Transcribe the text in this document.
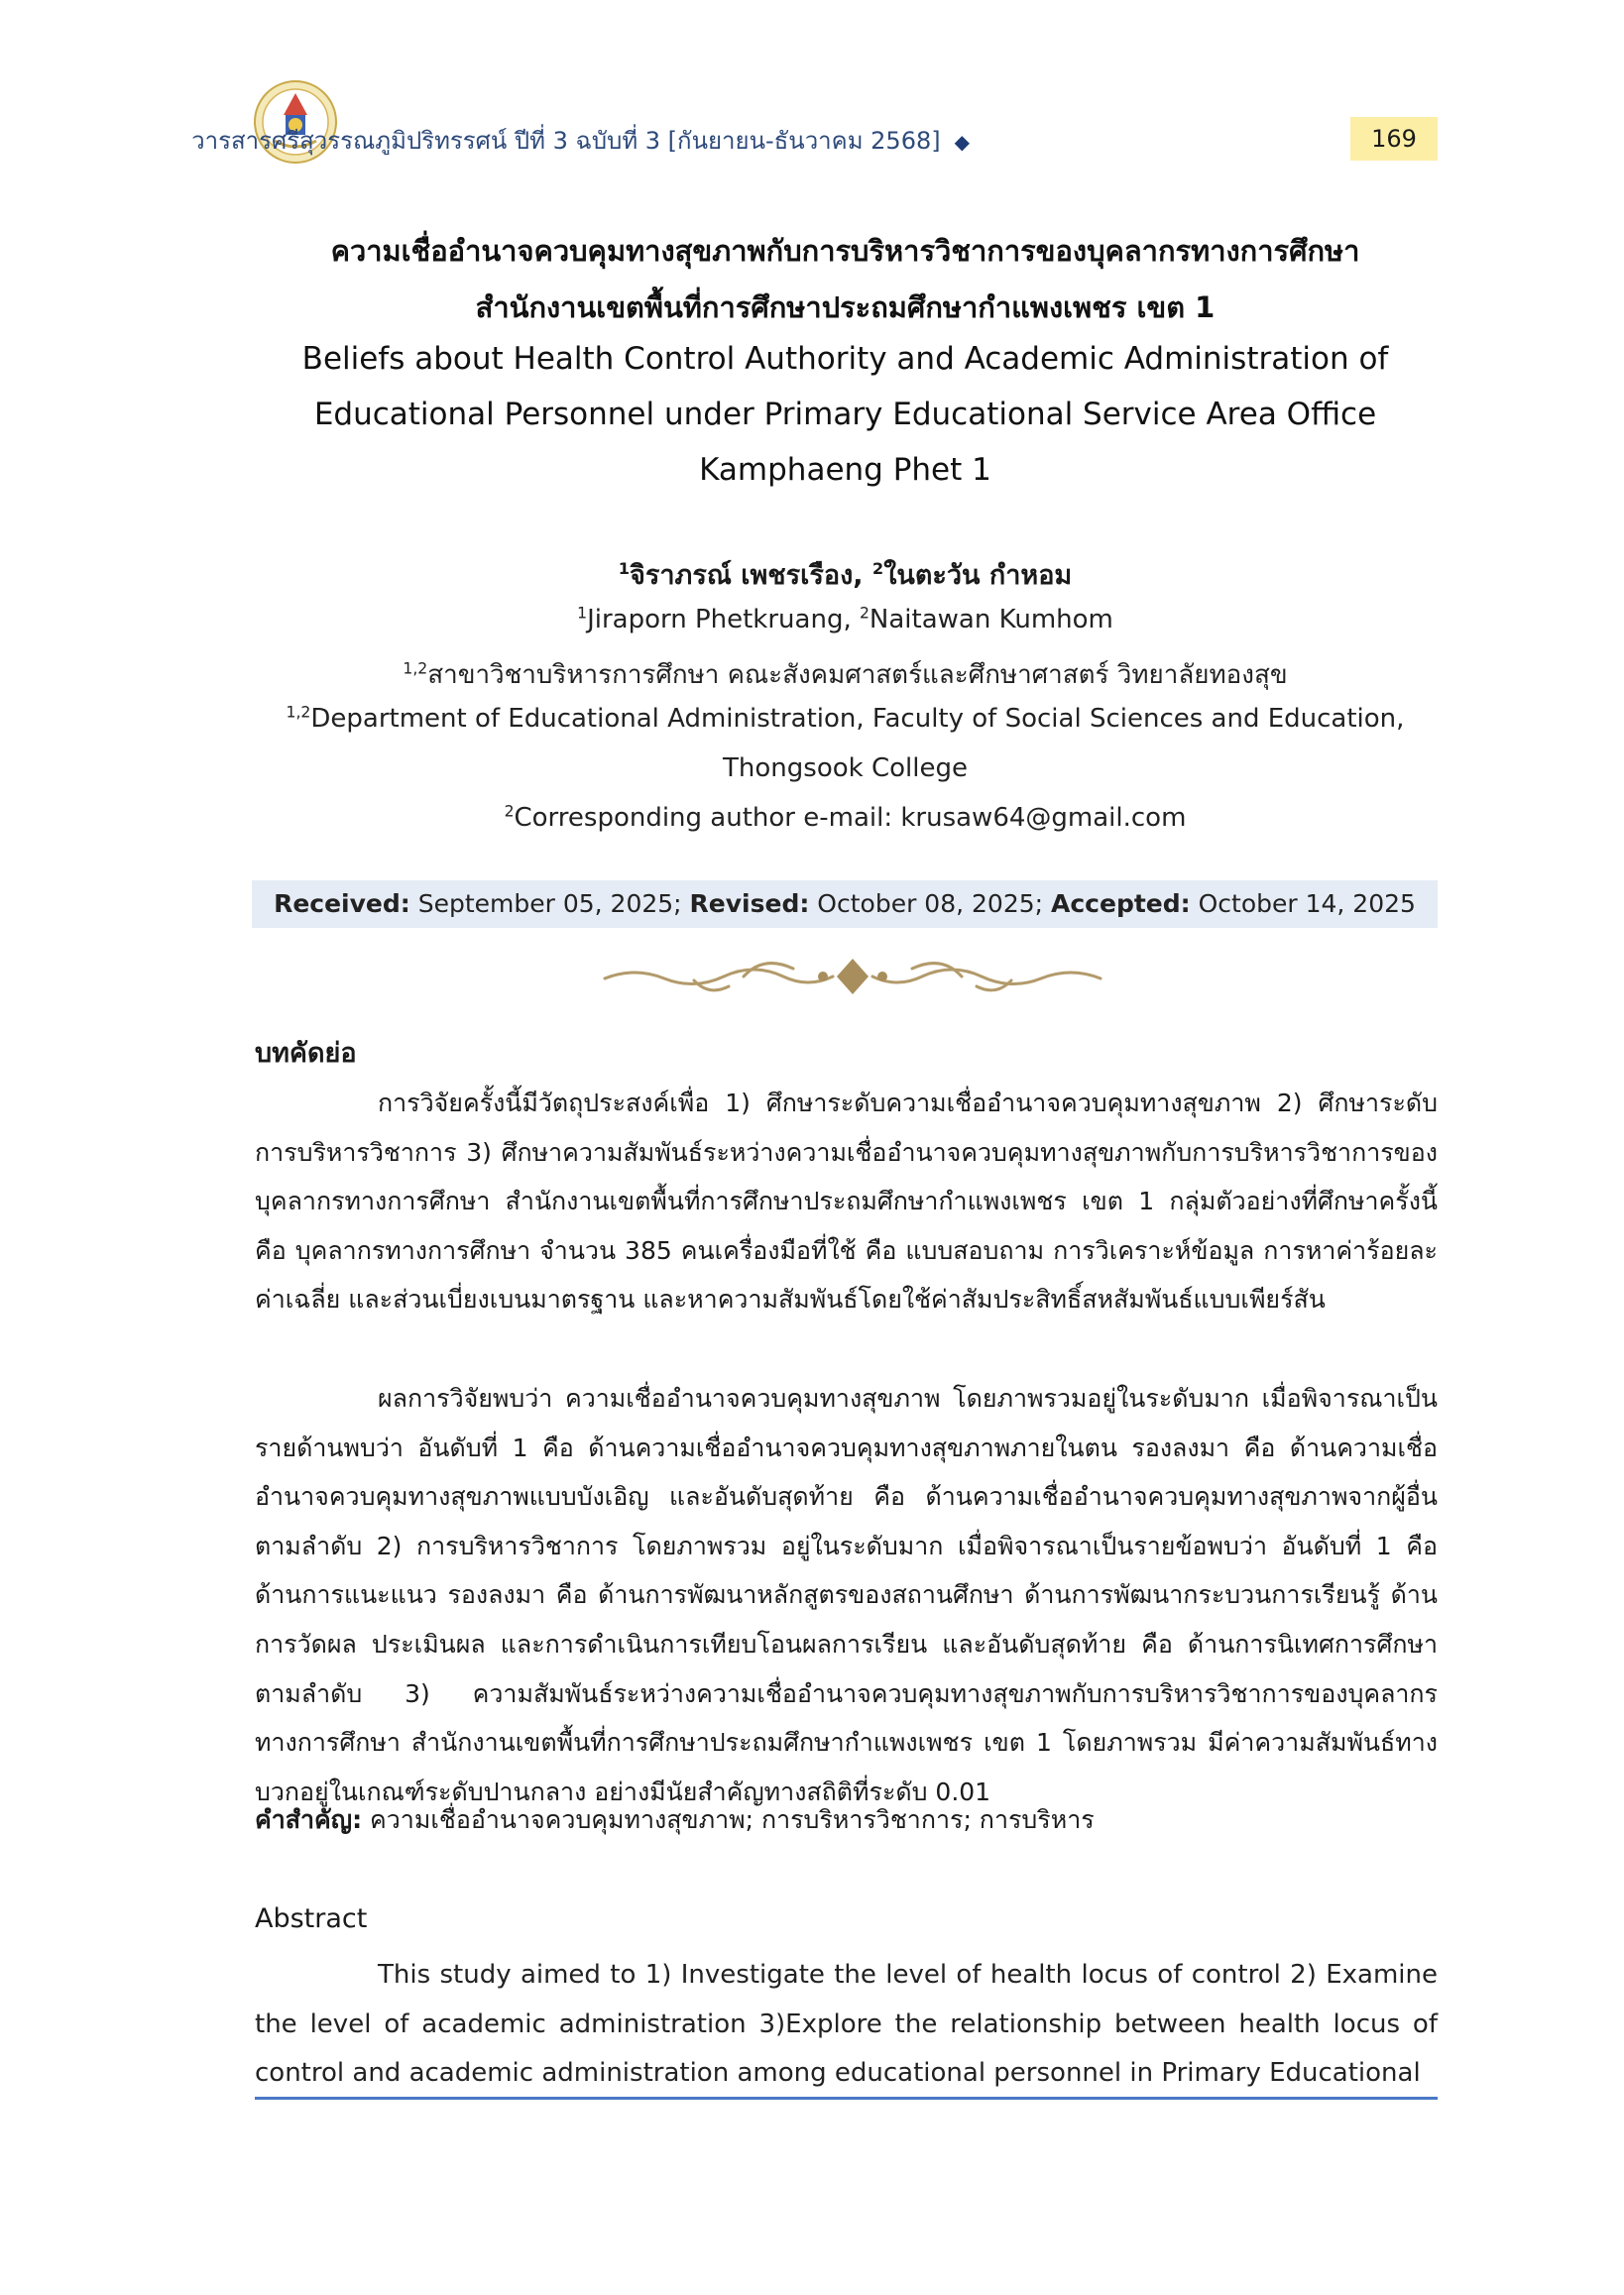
วารสารศรีสุวรรณภูมิปริทรรศน์ ปีที่ 3 ฉบับที่ 3 [กันยายน-ธันวาคม 2568] ◆	169
ความเชื่ออำนาจควบคุมทางสุขภาพกับการบริหารวิชาการของบุคลากรทางการศึกษา
สำนักงานเขตพื้นที่การศึกษาประถมศึกษากำแพงเพชร เขต 1
Beliefs about Health Control Authority and Academic Administration of
Educational Personnel under Primary Educational Service Area Office
Kamphaeng Phet 1
$^1$จิราภรณ์ เพชรเรือง, $^2$ในตะวัน กำหอม
$^1$Jiraporn Phetkruang, $^2$Naitawan Kumhom
$^{1,2}$สาขาวิชาบริหารการศึกษา คณะสังคมศาสตร์และศึกษาศาสตร์ วิทยาลัยทองสุข
$^{1,2}$Department of Educational Administration, Faculty of Social Sciences and Education,
Thongsook College
$^2$Corresponding author e-mail: krusaw64@gmail.com
Received: September 05, 2025; Revised: October 08, 2025; Accepted: October 14, 2025
บทคัดย่อ
การวิจัยครั้งนี้มีวัตถุประสงค์เพื่อ 1) ศึกษาระดับความเชื่ออำนาจควบคุมทางสุขภาพ 2) ศึกษาระดับการบริหารวิชาการ 3) ศึกษาความสัมพันธ์ระหว่างความเชื่ออำนาจควบคุมทางสุขภาพกับการบริหารวิชาการของบุคลากรทางการศึกษา สำนักงานเขตพื้นที่การศึกษาประถมศึกษากำแพงเพชร เขต 1 กลุ่มตัวอย่างที่ศึกษาครั้งนี้ คือ บุคลากรทางการศึกษา จำนวน 385 คนเครื่องมือที่ใช้ คือ แบบสอบถาม การวิเคราะห์ข้อมูล การหาค่าร้อยละ ค่าเฉลี่ย และส่วนเบี่ยงเบนมาตรฐาน และหาความสัมพันธ์โดยใช้ค่าสัมประสิทธิ์สหสัมพันธ์แบบเพียร์สัน
ผลการวิจัยพบว่า ความเชื่ออำนาจควบคุมทางสุขภาพ โดยภาพรวมอยู่ในระดับมาก เมื่อพิจารณาเป็นรายด้านพบว่า อันดับที่ 1 คือ ด้านความเชื่ออำนาจควบคุมทางสุขภาพภายในตน รองลงมา คือ ด้านความเชื่ออำนาจควบคุมทางสุขภาพแบบบังเอิญ และอันดับสุดท้าย คือ ด้านความเชื่ออำนาจควบคุมทางสุขภาพจากผู้อื่น ตามลำดับ 2) การบริหารวิชาการ โดยภาพรวม อยู่ในระดับมาก เมื่อพิจารณาเป็นรายข้อพบว่า อันดับที่ 1 คือ ด้านการแนะแนว รองลงมา คือ ด้านการพัฒนาหลักสูตรของสถานศึกษา ด้านการพัฒนากระบวนการเรียนรู้ ด้านการวัดผล ประเมินผล และการดำเนินการเทียบโอนผลการเรียน และอันดับสุดท้าย คือ ด้านการนิเทศการศึกษา ตามลำดับ 3) ความสัมพันธ์ระหว่างความเชื่ออำนาจควบคุมทางสุขภาพกับการบริหารวิชาการของบุคลากรทางการศึกษา สำนักงานเขตพื้นที่การศึกษาประถมศึกษากำแพงเพชร เขต 1 โดยภาพรวม มีค่าความสัมพันธ์ทางบวกอยู่ในเกณฑ์ระดับปานกลาง อย่างมีนัยสำคัญทางสถิติที่ระดับ 0.01
คำสำคัญ: ความเชื่ออำนาจควบคุมทางสุขภาพ; การบริหารวิชาการ; การบริหาร
Abstract
This study aimed to 1) Investigate the level of health locus of control 2) Examine the level of academic administration 3)Explore the relationship between health locus of control and academic administration among educational personnel in Primary Educational
